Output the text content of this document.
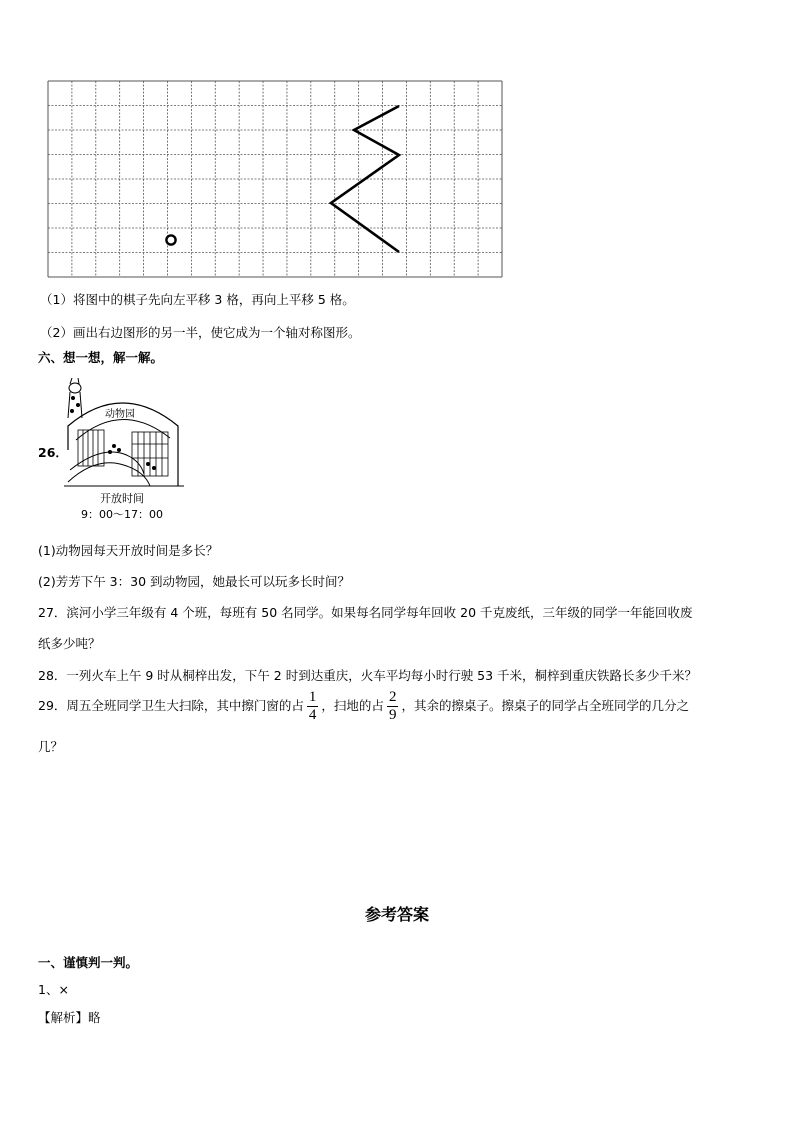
（1）将图中的棋子先向左平移 3 格，再向上平移 5 格。
（2）画出右边图形的另一半，使它成为一个轴对称图形。
六、想一想，解一解。
26．
动物园
开放时间
9：00～17：00
(1)动物园每天开放时间是多长？
(2)芳芳下午 3：30 到动物园，她最长可以玩多长时间？
27．滨河小学三年级有 4 个班，每班有 50 名同学。如果每名同学每年回收 20 千克废纸，三年级的同学一年能回收废
纸多少吨？
28．一列火车上午 9 时从桐梓出发，下午 2 时到达重庆，火车平均每小时行驶 53 千米，桐梓到重庆铁路长多少千米？
29．周五全班同学卫生大扫除，其中擦门窗的占 $\frac{1}{4}$ ，扫地的占 $\frac{2}{9}$ ，其余的擦桌子。擦桌子的同学占全班同学的几分之
几？
参考答案
一、谨慎判一判。
1、×
【解析】略
